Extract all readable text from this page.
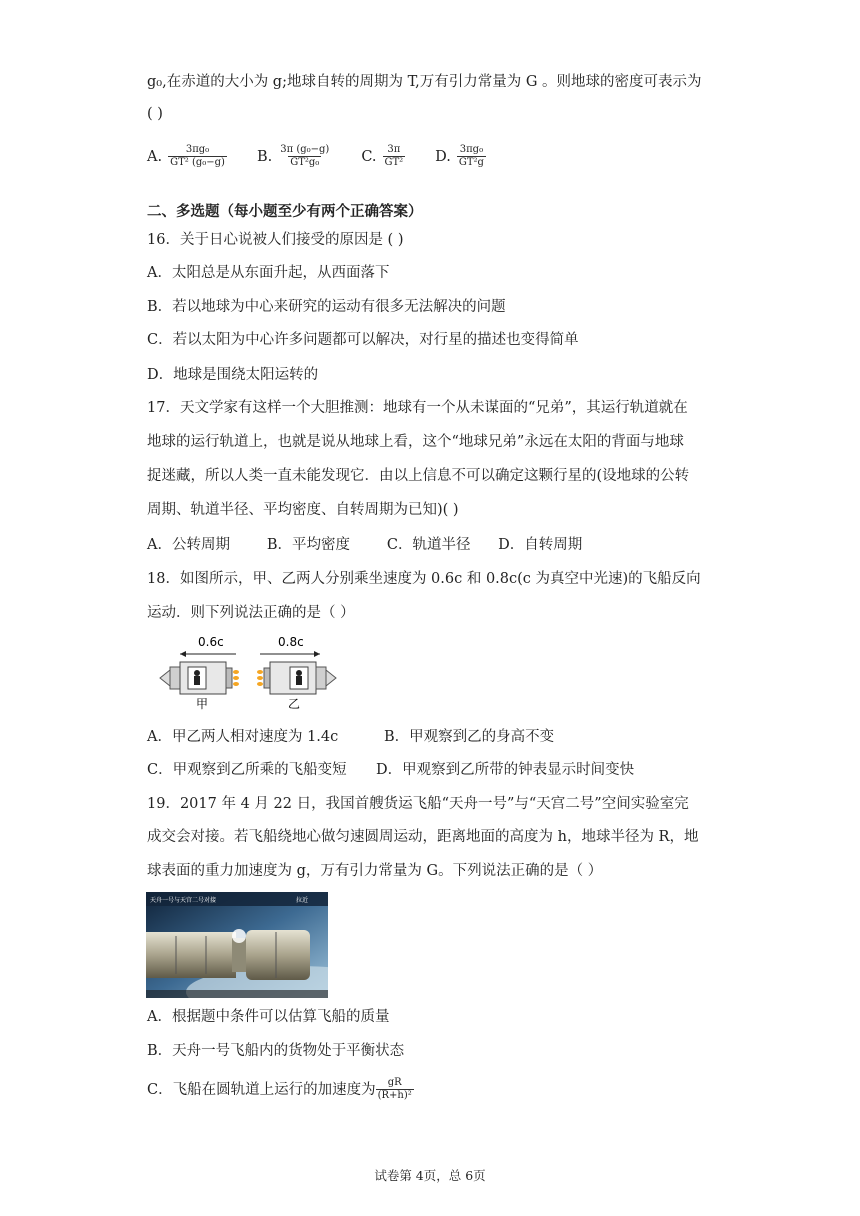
g₀,在赤道的大小为 g;地球自转的周期为 T,万有引力常量为 G 。则地球的密度可表示为
( )
A. $\frac{\text{3πg₀}}{\text{GT² (g₀−g)}} B$. $\frac{\text{3π (g₀−g)}}{\text{GT²g₀}} C$. $\frac{3\pi}{\text{GT²}} D$. $\frac{\text{3πg₀}}{\text{GT²g}}$
二、多选题（每小题至少有两个正确答案）
16．关于日心说被人们接受的原因是 ( )
A．太阳总是从东面升起，从西面落下
B．若以地球为中心来研究的运动有很多无法解决的问题
C．若以太阳为中心许多问题都可以解决，对行星的描述也变得简单
D．地球是围绕太阳运转的
17．天文学家有这样一个大胆推测：地球有一个从未谋面的“兄弟”，其运行轨道就在
地球的运行轨道上，也就是说从地球上看，这个“地球兄弟”永远在太阳的背面与地球
捉迷藏，所以人类一直未能发现它．由以上信息不可以确定这颗行星的(设地球的公转
周期、轨道半径、平均密度、自转周期为已知)( )
A．公转周期        B．平均密度        C．轨道半径      D．自转周期
18．如图所示，甲、乙两人分别乘坐速度为 0.6c 和 0.8c(c 为真空中光速)的飞船反向
运动．则下列说法正确的是（ ）
0.6c	0.8c
甲	乙
A．甲乙两人相对速度为 1.4c	B．甲观察到乙的身高不变
C．甲观察到乙所乘的飞船变短 D．甲观察到乙所带的钟表显示时间变快
19．2017 年 4 月 22 日，我国首艘货运飞船“天舟一号”与“天宫二号”空间实验室完
成交会对接。若飞船绕地心做匀速圆周运动，距离地面的高度为 h，地球半径为 R，地
球表面的重力加速度为 g，万有引力常量为 G。下列说法正确的是（ ）
天舟一号与天宫二号对接	拉近
A．根据题中条件可以估算飞船的质量
B．天舟一号飞船内的货物处于平衡状态
C．飞船在圆轨道上运行的加速度为 $\frac{gR}{\text{(R+h)²}}$
试卷第 4页，总 6页
